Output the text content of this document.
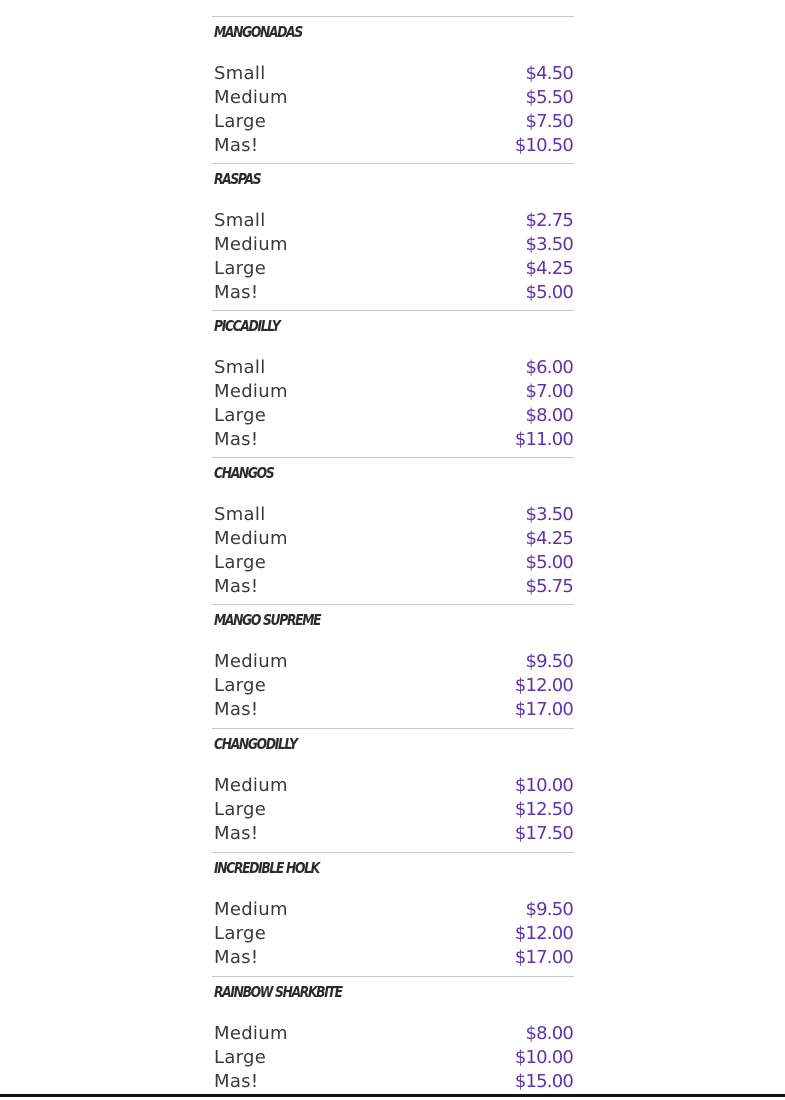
MANGONADAS
Small	$4.50
Medium	$5.50
Large	$7.50
Mas!	$10.50
RASPAS
Small	$2.75
Medium	$3.50
Large	$4.25
Mas!	$5.00
PICCADILLY
Small	$6.00
Medium	$7.00
Large	$8.00
Mas!	$11.00
CHANGOS
Small	$3.50
Medium	$4.25
Large	$5.00
Mas!	$5.75
MANGO SUPREME
Medium	$9.50
Large	$12.00
Mas!	$17.00
CHANGODILLY
Medium	$10.00
Large	$12.50
Mas!	$17.50
INCREDIBLE HOLK
Medium	$9.50
Large	$12.00
Mas!	$17.00
RAINBOW SHARKBITE
Medium	$8.00
Large	$10.00
Mas!	$15.00
